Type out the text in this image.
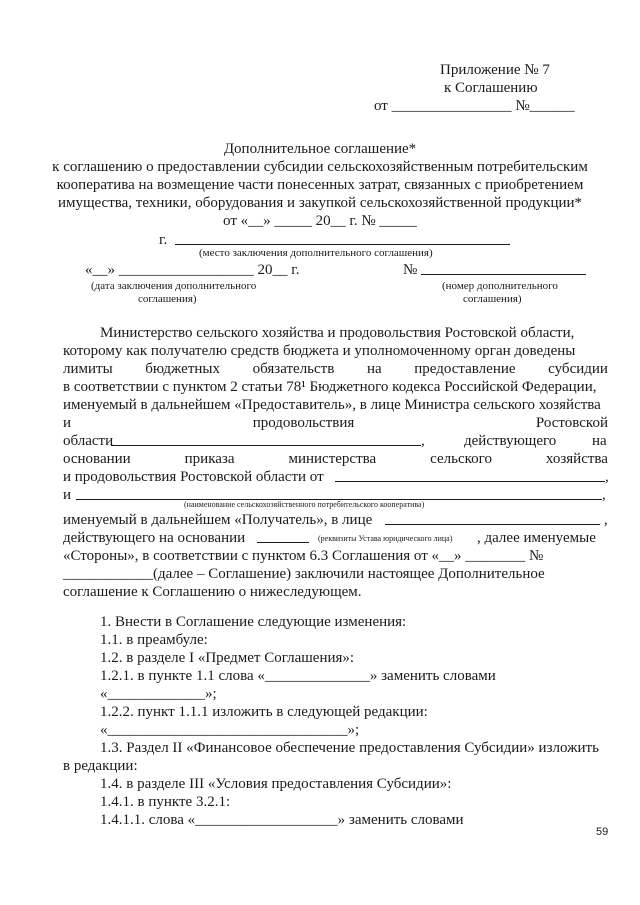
Приложение № 7
к Соглашению
от ________________ №______
Дополнительное соглашение*
к соглашению о предоставлении субсидии сельскохозяйственным потребительским
кооператива на возмещение части понесенных затрат, связанных с приобретением
имущества, техники, оборудования и закупкой сельскохозяйственной продукции*
от «__» _____ 20__ г. № _____
г.
(место заключения дополнительного соглашения)
«__» __________________ 20__ г.
(дата заключения дополнительного
соглашения)
№
(номер дополнительного
соглашения)
Министерство сельского хозяйства и продовольствия Ростовской области,
которому как получателю средств бюджета и уполномоченному орган доведены
лимиты бюджетных обязательств на предоставление субсидии
в соответствии с пунктом 2 статьи 78¹ Бюджетного кодекса Российской Федерации,
именуемый в дальнейшем «Предоставитель», в лице Министра сельского хозяйства
и	продовольствия	Ростовской
области	,	действующего на
основании	приказа	министерства	сельского	хозяйства
и продовольствия Ростовской области от	,
и	,
(наименование сельскохозяйственного потребительского кооператива)
именуемый в дальнейшем «Получатель», в лице	,
действующего на основании	(реквизиты Устава юридического лица) , далее именуемые
«Стороны», в соответствии с пунктом 6.3 Соглашения от «__» ________ №
____________(далее – Соглашение) заключили настоящее Дополнительное
соглашение к Соглашению о нижеследующем.
1. Внести в Соглашение следующие изменения:
1.1. в преамбуле:
1.2. в разделе I «Предмет Соглашения»:
1.2.1. в пункте 1.1 слова «______________» заменить словами
«_____________»;
1.2.2. пункт 1.1.1 изложить в следующей редакции:
«________________________________»;
1.3. Раздел II «Финансовое обеспечение предоставления Субсидии» изложить
в редакции:
1.4. в разделе III «Условия предоставления Субсидии»:
1.4.1. в пункте 3.2.1:
1.4.1.1. слова «___________________» заменить словами
59
